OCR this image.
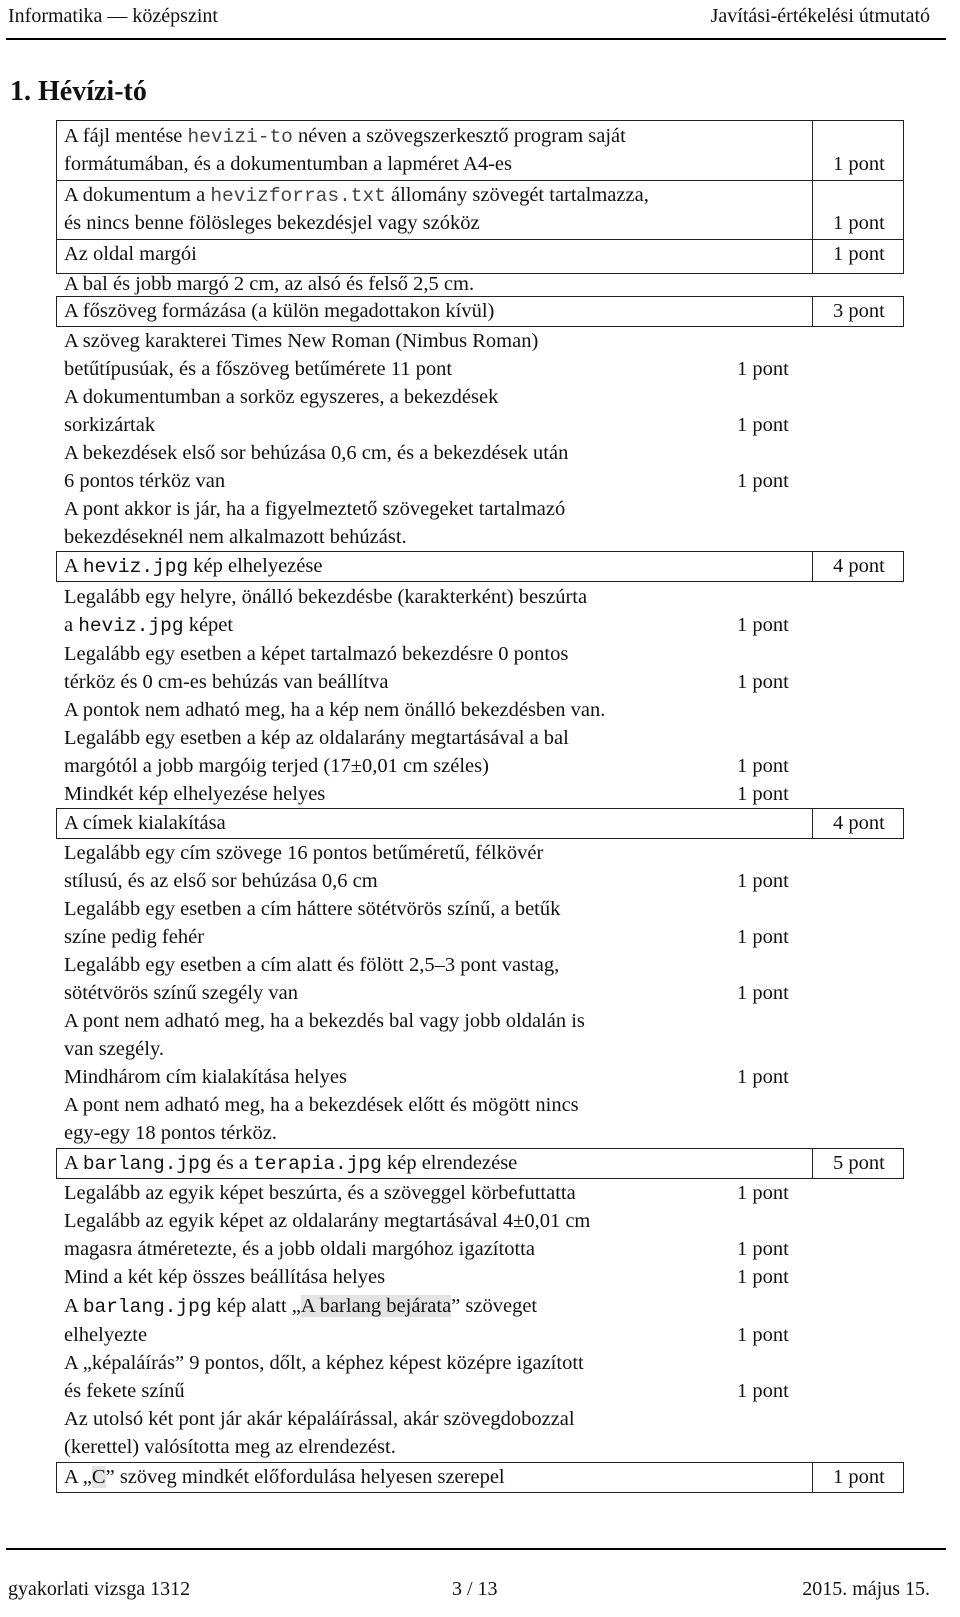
Informatika — középszint	Javítási-értékelési útmutató
1. Hévízi-tó
A fájl mentése hevizi-to néven a szövegszerkesztő program saját
formátumában, és a dokumentumban a lapméret A4-es	1 pont
A dokumentum a hevizforras.txt állomány szövegét tartalmazza,
és nincs benne fölösleges bekezdésjel vagy szóköz	1 pont
Az oldal margói	1 pont
A bal és jobb margó 2 cm, az alsó és felső 2,5 cm.
A főszöveg formázása (a külön megadottakon kívül)	3 pont
A szöveg karakterei Times New Roman (Nimbus Roman)
betűtípusúak, és a főszöveg betűmérete 11 pont	1 pont
A dokumentumban a sorköz egyszeres, a bekezdések
sorkizártak	1 pont
A bekezdések első sor behúzása 0,6 cm, és a bekezdések után
6 pontos térköz van	1 pont
A pont akkor is jár, ha a figyelmeztető szövegeket tartalmazó
bekezdéseknél nem alkalmazott behúzást.
A heviz.jpg kép elhelyezése	4 pont
Legalább egy helyre, önálló bekezdésbe (karakterként) beszúrta
a heviz.jpg képet	1 pont
Legalább egy esetben a képet tartalmazó bekezdésre 0 pontos
térköz és 0 cm-es behúzás van beállítva	1 pont
A pontok nem adható meg, ha a kép nem önálló bekezdésben van.
Legalább egy esetben a kép az oldalarány megtartásával a bal
margótól a jobb margóig terjed (17±0,01 cm széles)	1 pont
Mindkét kép elhelyezése helyes	1 pont
A címek kialakítása	4 pont
Legalább egy cím szövege 16 pontos betűméretű, félkövér
stílusú, és az első sor behúzása 0,6 cm	1 pont
Legalább egy esetben a cím háttere sötétvörös színű, a betűk
színe pedig fehér	1 pont
Legalább egy esetben a cím alatt és fölött 2,5–3 pont vastag,
sötétvörös színű szegély van	1 pont
A pont nem adható meg, ha a bekezdés bal vagy jobb oldalán is
van szegély.
Mindhárom cím kialakítása helyes	1 pont
A pont nem adható meg, ha a bekezdések előtt és mögött nincs
egy-egy 18 pontos térköz.
A barlang.jpg és a terapia.jpg kép elrendezése	5 pont
Legalább az egyik képet beszúrta, és a szöveggel körbefuttatta	1 pont
Legalább az egyik képet az oldalarány megtartásával 4±0,01 cm
magasra átméretezte, és a jobb oldali margóhoz igazította	1 pont
Mind a két kép összes beállítása helyes	1 pont
A barlang.jpg kép alatt „A barlang bejárata” szöveget
elhelyezte	1 pont
A „képaláírás” 9 pontos, dőlt, a képhez képest középre igazított
és fekete színű	1 pont
Az utolsó két pont jár akár képaláírással, akár szövegdobozzal
(kerettel) valósította meg az elrendezést.
A „C” szöveg mindkét előfordulása helyesen szerepel	1 pont
gyakorlati vizsga 1312	3 / 13	2015. május 15.
